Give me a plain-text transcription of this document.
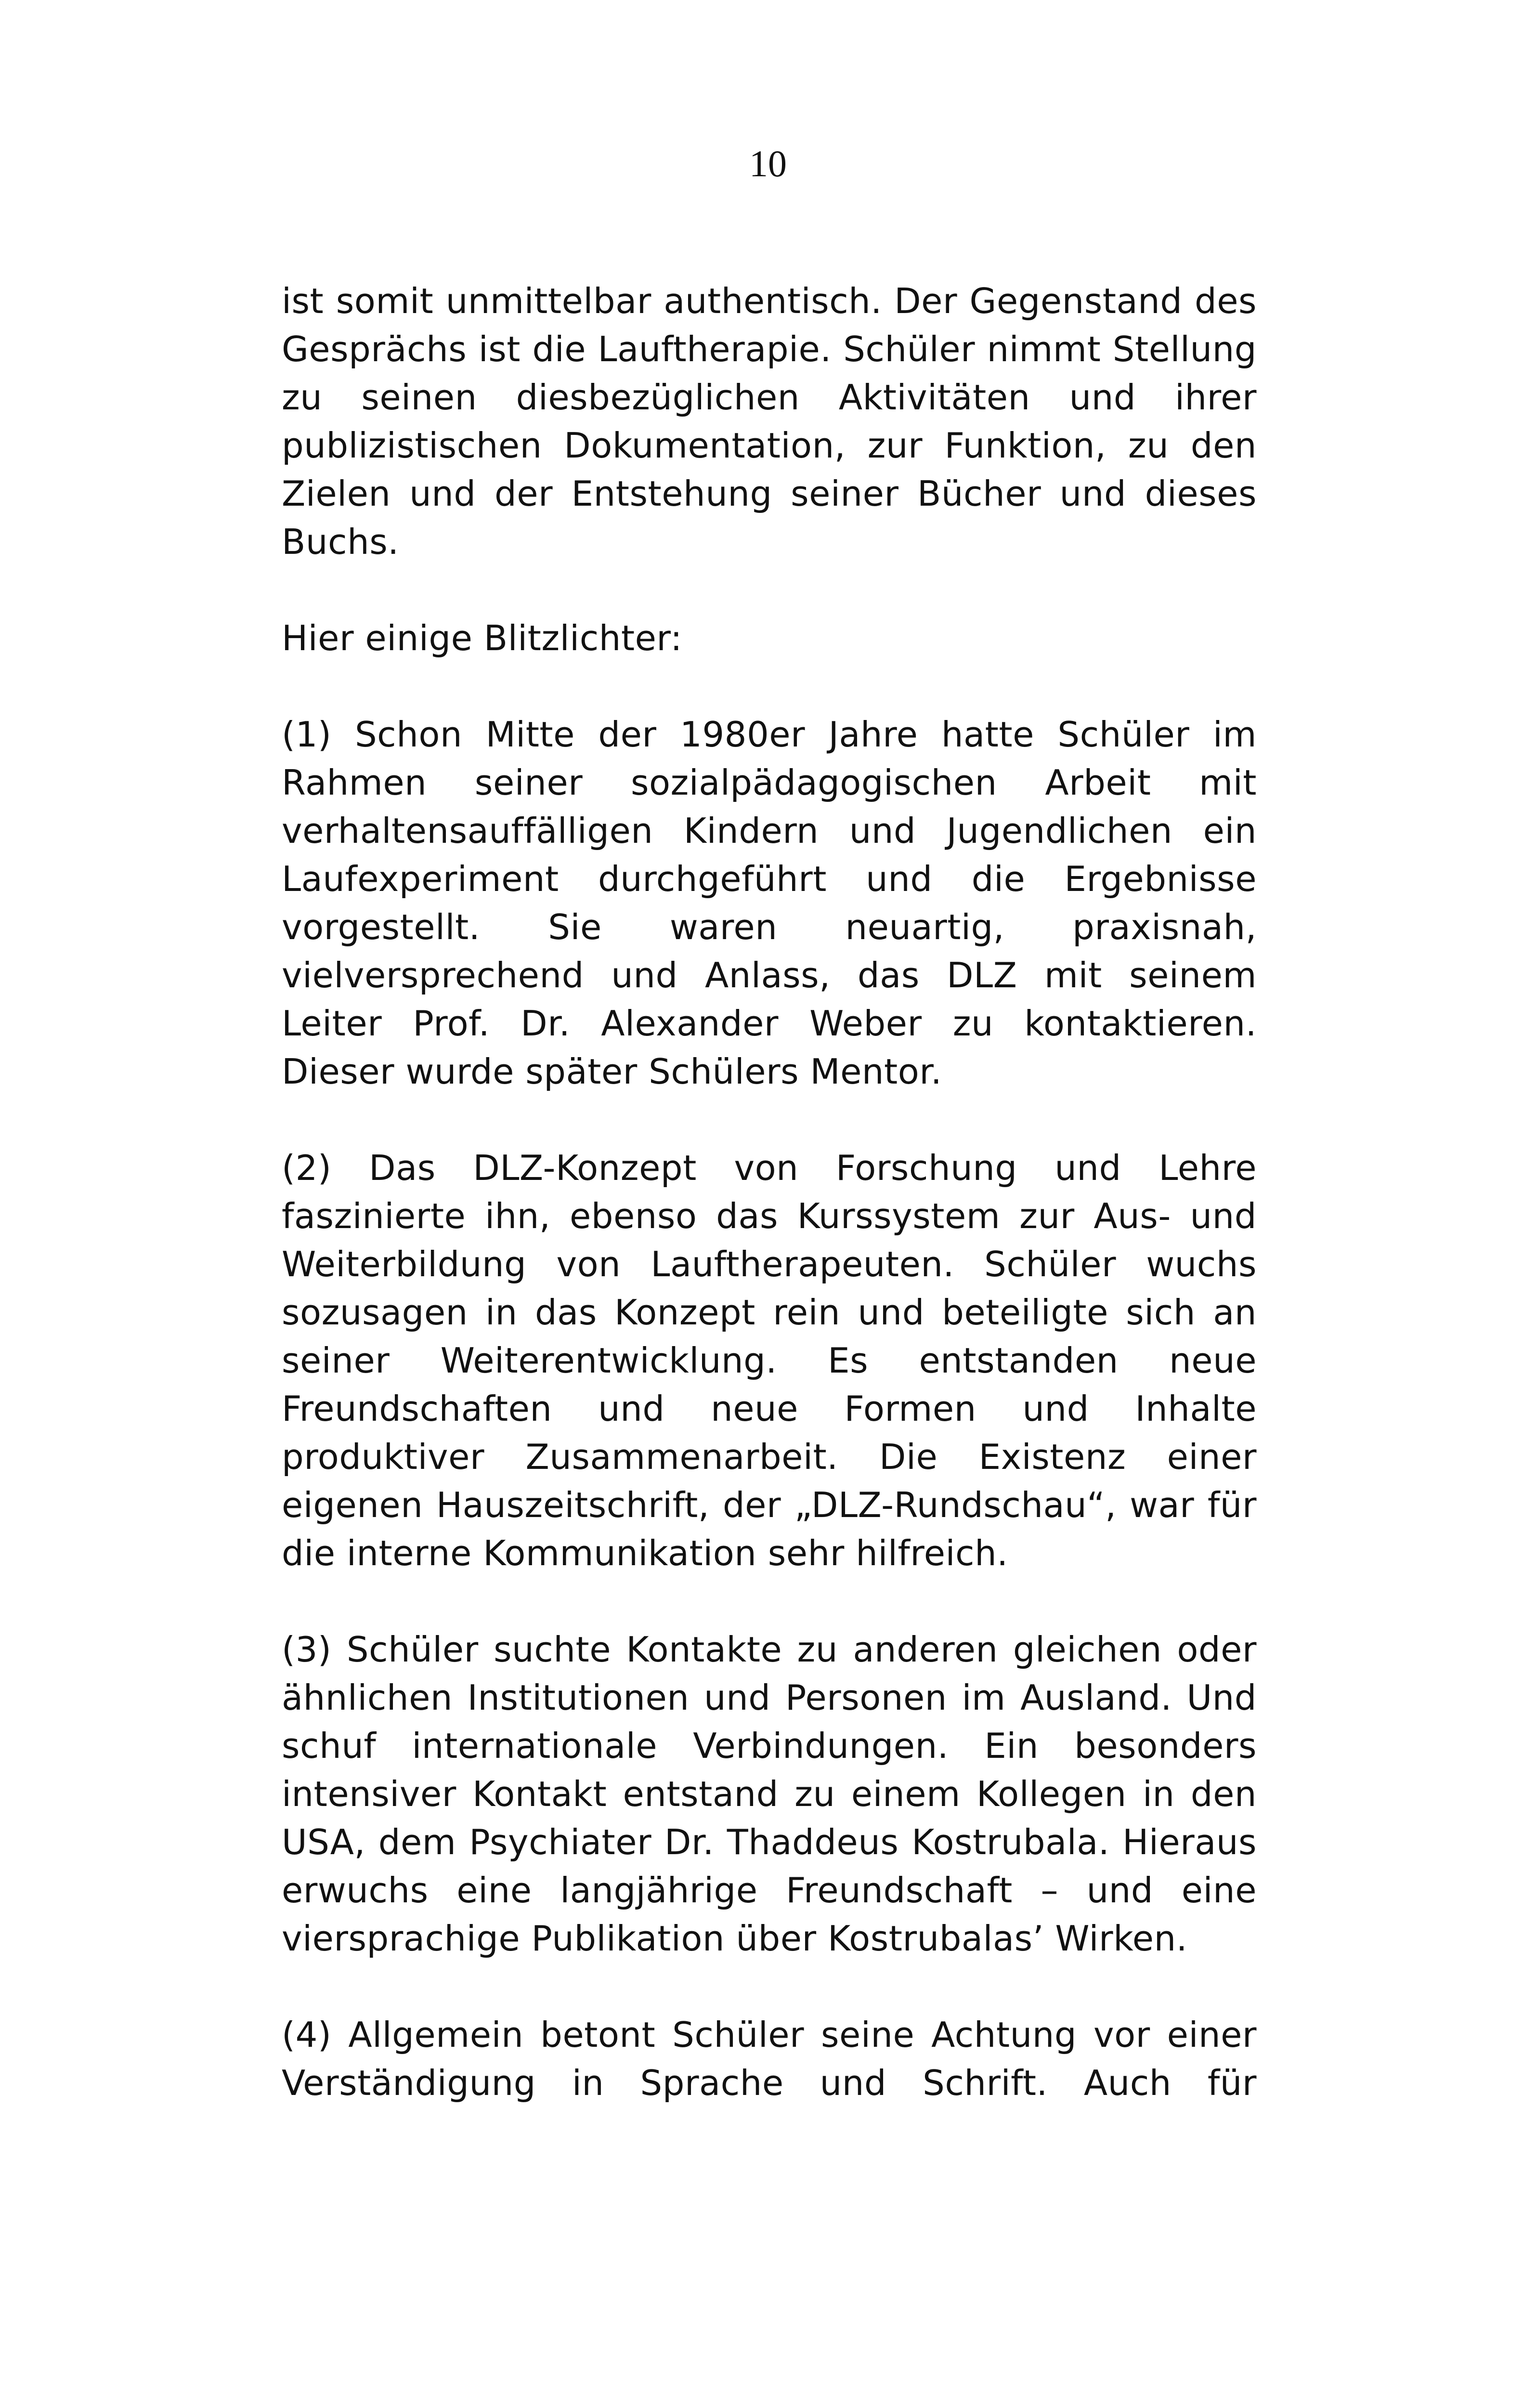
10

ist somit unmittelbar authentisch. Der Gegenstand des Gesprächs ist die Lauftherapie. Schüler nimmt Stellung zu seinen diesbezüglichen Aktivitäten und ihrer publizistischen Dokumentation, zur Funktion, zu den Zielen und der Entstehung seiner Bücher und dieses Buchs.

Hier einige Blitzlichter:

(1) Schon Mitte der 1980er Jahre hatte Schüler im Rahmen seiner sozialpädagogischen Arbeit mit verhaltensauffälligen Kindern und Jugendlichen ein Laufexperiment durchgeführt und die Ergebnisse vorgestellt. Sie waren neuartig, praxisnah, vielversprechend und Anlass, das DLZ mit seinem Leiter Prof. Dr. Alexander Weber zu kontaktieren. Dieser wurde später Schülers Mentor.

(2) Das DLZ-Konzept von Forschung und Lehre faszinierte ihn, ebenso das Kurssystem zur Aus- und Weiterbildung von Lauftherapeuten. Schüler wuchs sozusagen in das Konzept rein und beteiligte sich an seiner Weiterentwicklung. Es entstanden neue Freundschaften und neue Formen und Inhalte produktiver Zusammenarbeit. Die Existenz einer eigenen Hauszeitschrift, der „DLZ-Rundschau“, war für die interne Kommunikation sehr hilfreich.

(3) Schüler suchte Kontakte zu anderen gleichen oder ähnlichen Institutionen und Personen im Ausland. Und schuf internationale Verbindungen. Ein besonders intensiver Kontakt entstand zu einem Kollegen in den USA, dem Psychiater Dr. Thaddeus Kostrubala. Hieraus erwuchs eine langjährige Freundschaft – und eine viersprachige Publikation über Kostrubalas’ Wirken.

(4) Allgemein betont Schüler seine Achtung vor einer Verständigung in Sprache und Schrift. Auch für
